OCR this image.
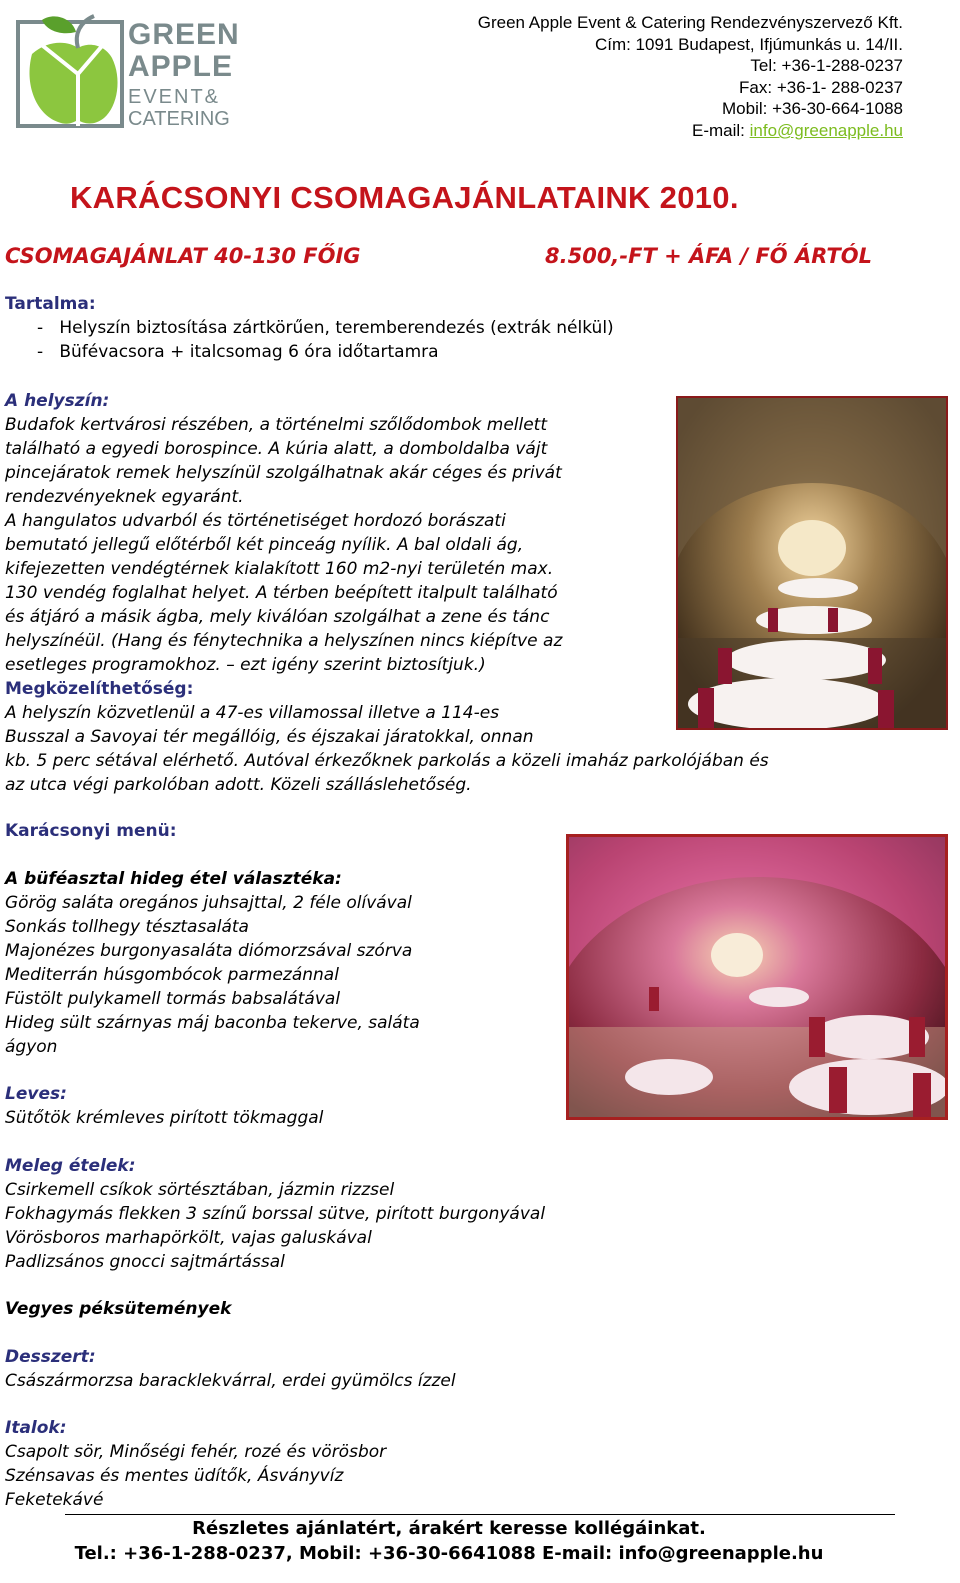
GREEN
APPLE
EVENT&
CATERING
Green Apple Event & Catering Rendezvényszervező Kft.
Cím: 1091 Budapest, Ifjúmunkás u. 14/II.
Tel: +36-1-288-0237
Fax: +36-1- 288-0237
Mobil: +36-30-664-1088
E-mail: info@greenapple.hu
KARÁCSONYI CSOMAGAJÁNLATAINK 2010.
CSOMAGAJÁNLAT 40-130 FŐIG	8.500,-FT + ÁFA / FŐ ÁRTÓL
Tartalma:
-   Helyszín biztosítása zártkörűen, teremberendezés (extrák nélkül)
-   Büfévacsora + italcsomag 6 óra időtartamra
A helyszín:
Budafok kertvárosi részében, a történelmi szőlődombok mellett
található a egyedi borospince. A kúria alatt, a domboldalba vájt
pincejáratok remek helyszínül szolgálhatnak akár céges és privát
rendezvényeknek egyaránt.
A hangulatos udvarból és történetiséget hordozó borászati
bemutató jellegű előtérből két pinceág nyílik. A bal oldali ág,
kifejezetten vendégtérnek kialakított 160 m2-nyi területén max.
130 vendég foglalhat helyet. A térben beépített italpult található
és átjáró a másik ágba, mely kiválóan szolgálhat a zene és tánc
helyszínéül. (Hang és fénytechnika a helyszínen nincs kiépítve az
esetleges programokhoz. – ezt igény szerint biztosítjuk.)
Megközelíthetőség:
A helyszín közvetlenül a 47-es villamossal illetve a 114-es
Busszal a Savoyai tér megállóig, és éjszakai járatokkal, onnan
kb. 5 perc sétával elérhető. Autóval érkezőknek parkolás a közeli imaház parkolójában és
az utca végi parkolóban adott. Közeli szálláslehetőség.
Karácsonyi menü:
A büféasztal hideg étel választéka:
Görög saláta oregános juhsajttal, 2 féle olívával
Sonkás tollhegy tésztasaláta
Majonézes burgonyasaláta diómorzsával szórva
Mediterrán húsgombócok parmezánnal
Füstölt pulykamell tormás babsalátával
Hideg sült szárnyas máj baconba tekerve, saláta
ágyon
Leves:
Sütőtök krémleves pirított tökmaggal
Meleg ételek:
Csirkemell csíkok sörtésztában, jázmin rizzsel
Fokhagymás flekken 3 színű borssal sütve, pirított burgonyával
Vörösboros marhapörkölt, vajas galuskával
Padlizsános gnocci sajtmártással
Vegyes péksütemények
Desszert:
Császármorzsa baracklekvárral, erdei gyümölcs ízzel
Italok:
Csapolt sör, Minőségi fehér, rozé és vörösbor
Szénsavas és mentes üdítők, Ásványvíz
Feketekávé
Részletes ajánlatért, árakért keresse kollégáinkat.
Tel.: +36-1-288-0237, Mobil: +36-30-6641088 E-mail: info@greenapple.hu
